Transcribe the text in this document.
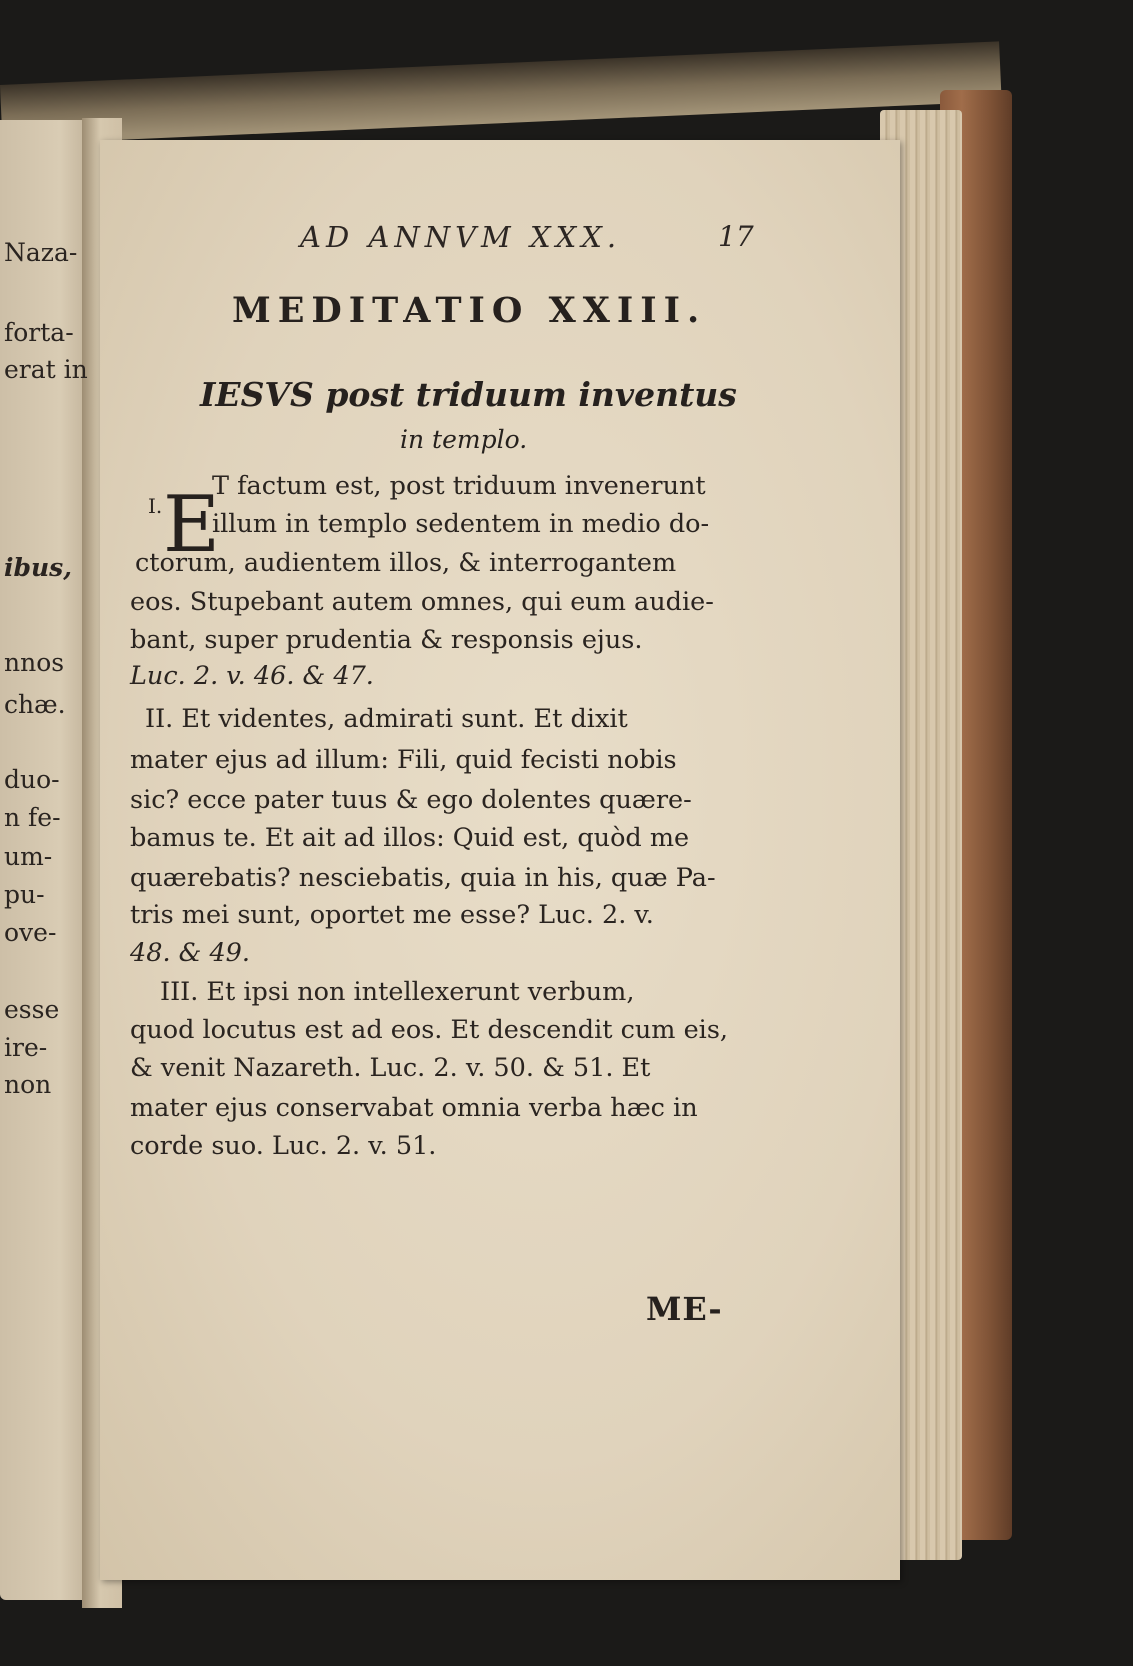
Naza-
forta-
erat in
ibus,
nnos
chæ.
duo-
n fe-
um-
pu-
ove-
esse
ire-
non
AD ANNVM XXX.	17
MEDITATIO XXIII.
IESVS post triduum inventus
in templo.
I. E
T factum est, post triduum invenerunt
illum in templo sedentem in medio do-
ctorum, audientem illos, & interrogantem
eos. Stupebant autem omnes, qui eum audie-
bant, super prudentia & responsis ejus.
Luc. 2. v. 46. & 47.
II. Et videntes, admirati sunt. Et dixit
mater ejus ad illum: Fili, quid fecisti nobis
sic? ecce pater tuus & ego dolentes quære-
bamus te. Et ait ad illos: Quid est, quòd me
quærebatis? nesciebatis, quia in his, quæ Pa-
tris mei sunt, oportet me esse? Luc. 2. v.
48. & 49.
III. Et ipsi non intellexerunt verbum,
quod locutus est ad eos. Et descendit cum eis,
& venit Nazareth. Luc. 2. v. 50. & 51. Et
mater ejus conservabat omnia verba hæc in
corde suo. Luc. 2. v. 51.
ME-
